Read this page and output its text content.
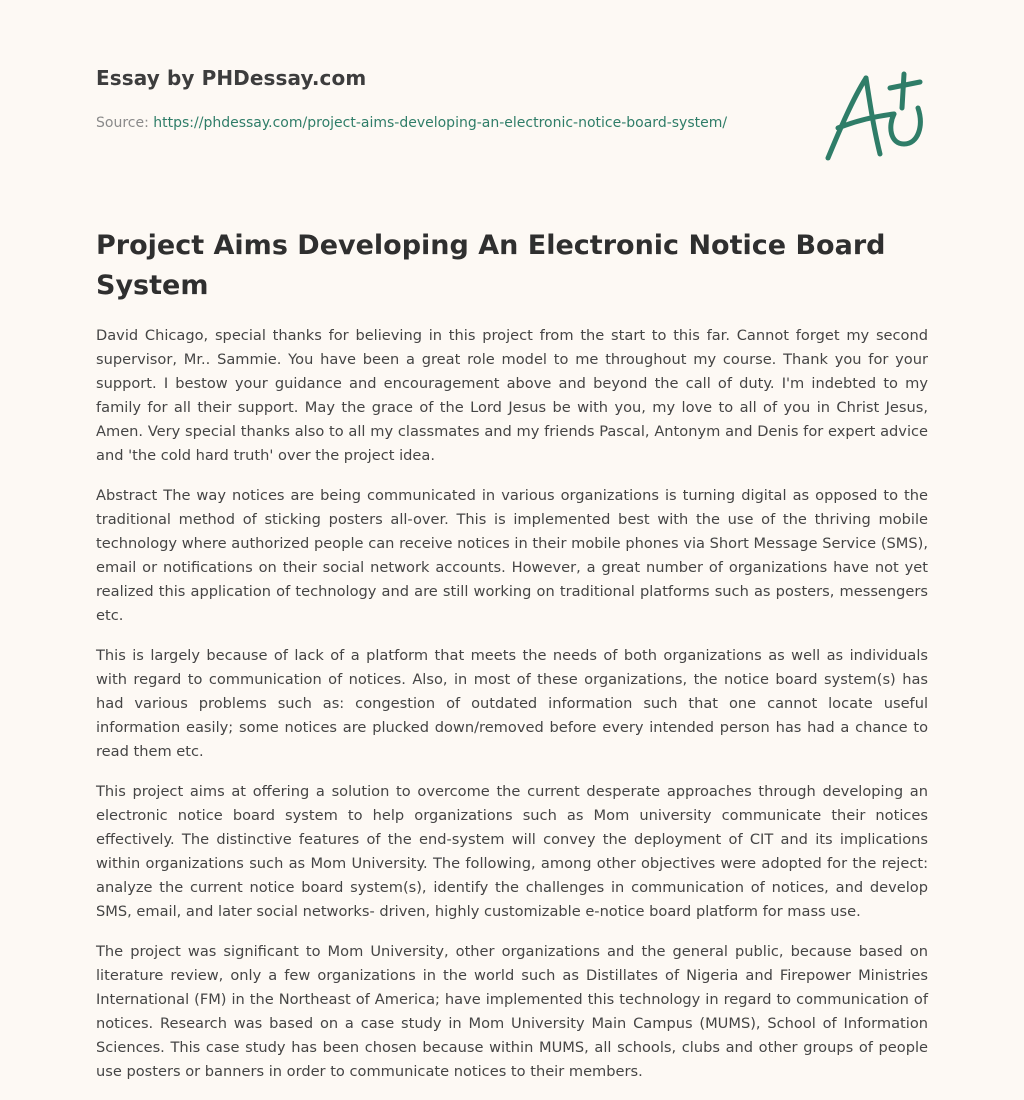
Essay by PHDessay.com
Source: https://phdessay.com/project-aims-developing-an-electronic-notice-board-system/
Project Aims Developing An Electronic Notice Board System

David Chicago, special thanks for believing in this project from the start to this far. Cannot forget my second supervisor, Mr.. Sammie. You have been a great role model to me throughout my course. Thank you for your support. I bestow your guidance and encouragement above and beyond the call of duty. I'm indebted to my family for all their support. May the grace of the Lord Jesus be with you, my love to all of you in Christ Jesus, Amen. Very special thanks also to all my classmates and my friends Pascal, Antonym and Denis for expert advice and 'the cold hard truth' over the project idea.

Abstract The way notices are being communicated in various organizations is turning digital as opposed to the traditional method of sticking posters all-over. This is implemented best with the use of the thriving mobile technology where authorized people can receive notices in their mobile phones via Short Message Service (SMS), email or notifications on their social network accounts. However, a great number of organizations have not yet realized this application of technology and are still working on traditional platforms such as posters, messengers etc.

This is largely because of lack of a platform that meets the needs of both organizations as well as individuals with regard to communication of notices. Also, in most of these organizations, the notice board system(s) has had various problems such as: congestion of outdated information such that one cannot locate useful information easily; some notices are plucked down/removed before every intended person has had a chance to read them etc.

This project aims at offering a solution to overcome the current desperate approaches through developing an electronic notice board system to help organizations such as Mom university communicate their notices effectively. The distinctive features of the end-system will convey the deployment of CIT and its implications within organizations such as Mom University. The following, among other objectives were adopted for the reject: analyze the current notice board system(s), identify the challenges in communication of notices, and develop SMS, email, and later social networks- driven, highly customizable e-notice board platform for mass use.

The project was significant to Mom University, other organizations and the general public, because based on literature review, only a few organizations in the world such as Distillates of Nigeria and Firepower Ministries International (FM) in the Northeast of America; have implemented this technology in regard to communication of notices. Research was based on a case study in Mom University Main Campus (MUMS), School of Information Sciences. This case study has been chosen because within MUMS, all schools, clubs and other groups of people use posters or banners in order to communicate notices to their members.
